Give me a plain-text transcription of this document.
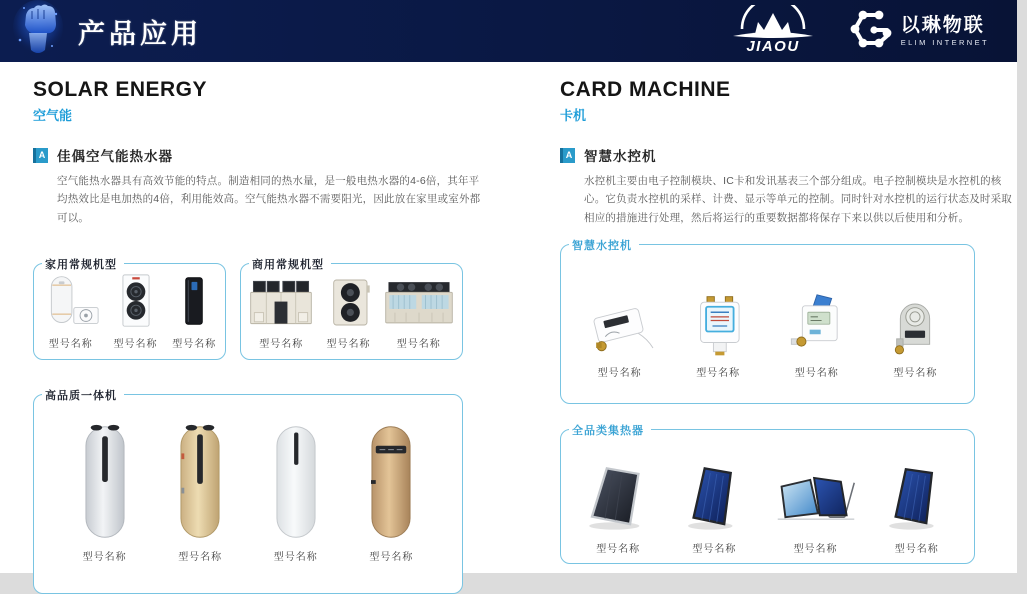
产品应用	JIAOU
以琳物联
ELIM INTERNET
SOLAR ENERGY
空气能
A 佳偶空气能热水器
空气能热水器具有高效节能的特点。制造相同的热水量，是一般电热水器的4-6倍，其年平均热效比是电加热的4倍，利用能效高。空气能热水器不需要阳光，因此放在家里或室外都可以。
家用常规机型
型号名称 型号名称 型号名称
商用常规机型
型号名称 型号名称	型号名称
高品质一体机
型号名称	型号名称	型号名称	型号名称
CARD MACHINE
卡机
A 智慧水控机
水控机主要由电子控制模块、IC卡和发讯基表三个部分组成。电子控制模块是水控机的核心。它负责水控机的采样、计费、显示等单元的控制。同时针对水控机的运行状态及时采取相应的措施进行处理，然后将运行的重要数据都将保存下来以供以后使用和分析。
智慧水控机
型号名称	型号名称	型号名称	型号名称
全品类集热器
型号名称	型号名称	型号名称	型号名称
